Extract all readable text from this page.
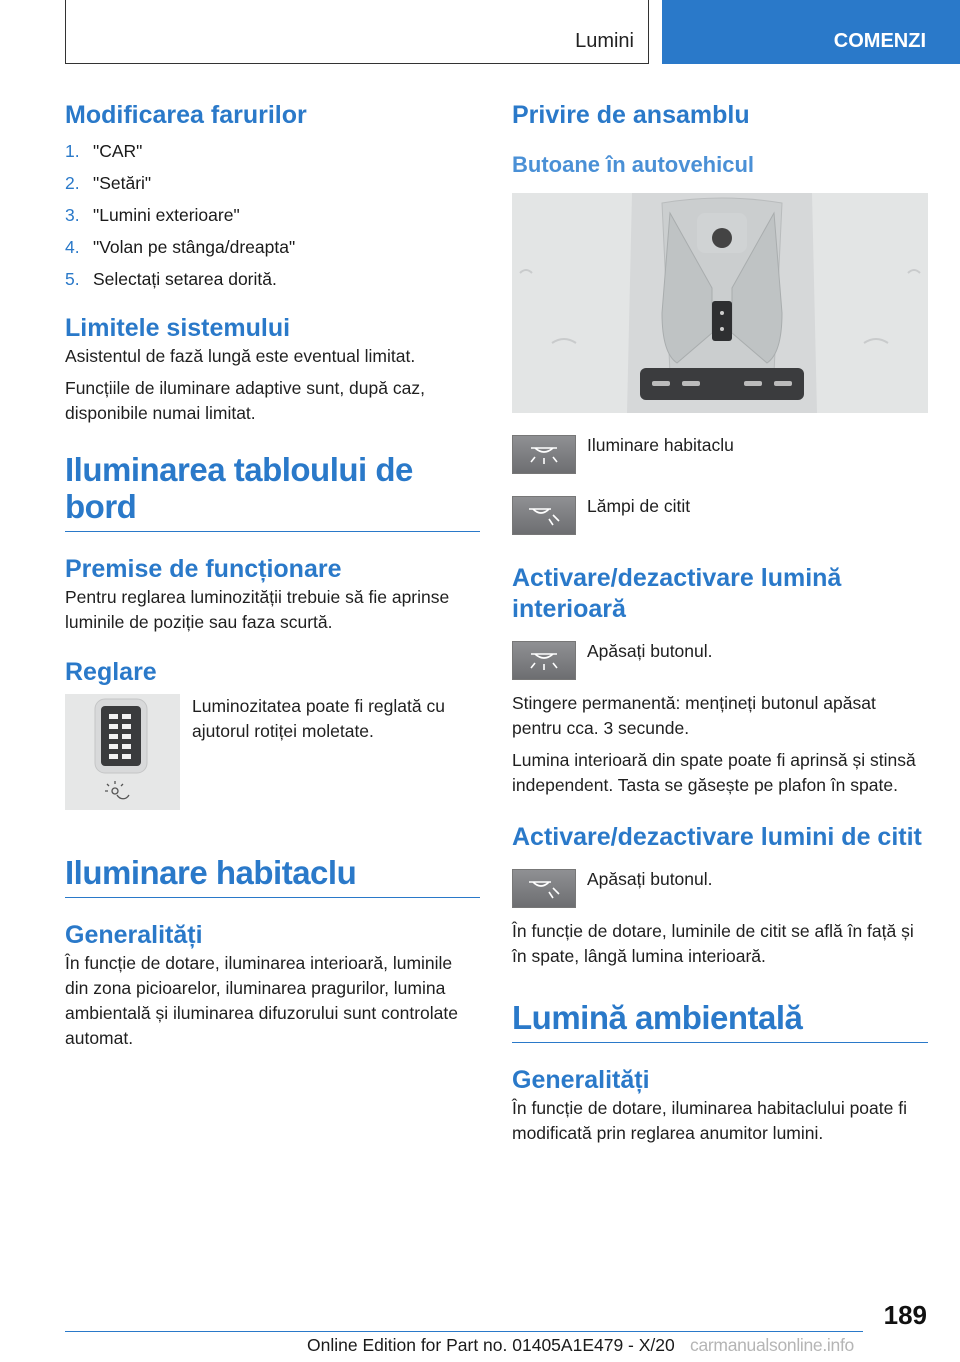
Lumini	COMENZI
Modificarea farurilor
1. "CAR"
2. "Setări"
3. "Lumini exterioare"
4. "Volan pe stânga/dreapta"
5. Selectați setarea dorită.
Limitele sistemului

Asistentul de fază lungă este eventual limitat.

Funcțiile de iluminare adaptive sunt, după caz, disponibile numai limitat.

Iluminarea tabloului de bord
Premise de funcționare

Pentru reglarea luminozității trebuie să fie aprinse luminile de poziție sau faza scurtă.

Reglare

Luminozitatea poate fi reglată cu ajutorul rotiței moletate.

Iluminare habitaclu
Generalități

În funcție de dotare, iluminarea interioară, luminile din zona picioarelor, iluminarea pragurilor, lumina ambientală și iluminarea difuzorului sunt controlate automat.

Privire de ansamblu
Butoane în autovehicul

Iluminare habitaclu

Lămpi de citit

Activare/dezactivare lumină interioară

Apăsați butonul.

Stingere permanentă: mențineți butonul apăsat pentru cca. 3 secunde.

Lumina interioară din spate poate fi aprinsă și stinsă independent. Tasta se găsește pe plafon în spate.

Activare/dezactivare lumini de citit

Apăsați butonul.

În funcție de dotare, luminile de citit se află în față și în spate, lângă lumina interioară.

Lumină ambientală
Generalități

În funcție de dotare, iluminarea habitaclului poate fi modificată prin reglarea anumitor lumini.

189
Online Edition for Part no. 01405A1E479 - X/20 carmanualsonline.info
